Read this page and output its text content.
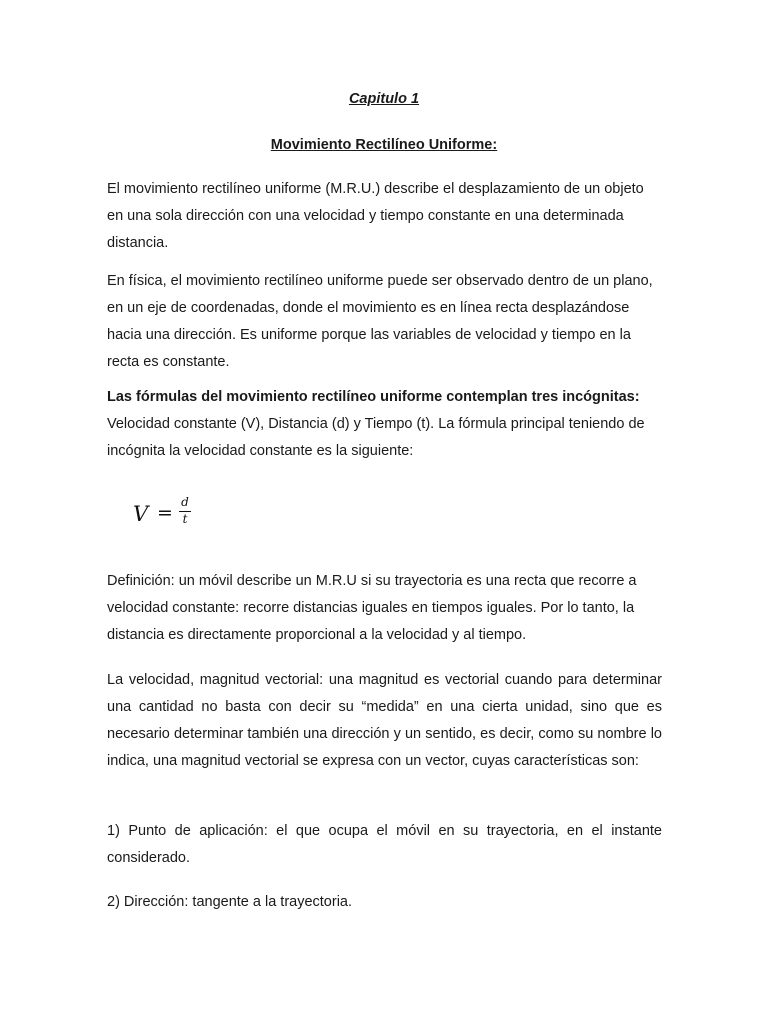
Capitulo 1
Movimiento Rectilíneo Uniforme:

El movimiento rectilíneo uniforme (M.R.U.) describe el desplazamiento de un objeto en una sola dirección con una velocidad y tiempo constante en una determinada distancia.

En física, el movimiento rectilíneo uniforme puede ser observado dentro de un plano, en un eje de coordenadas, donde el movimiento es en línea recta desplazándose hacia una dirección. Es uniforme porque las variables de velocidad y tiempo en la recta es constante.

Las fórmulas del movimiento rectilíneo uniforme contemplan tres incógnitas: Velocidad constante (V), Distancia (d) y Tiempo (t). La fórmula principal teniendo de incógnita la velocidad constante es la siguiente:

V = d
t

Definición: un móvil describe un M.R.U si su trayectoria es una recta que recorre a velocidad constante: recorre distancias iguales en tiempos iguales. Por lo tanto, la distancia es directamente proporcional a la velocidad y al tiempo.

La velocidad, magnitud vectorial: una magnitud es vectorial cuando para determinar una cantidad no basta con decir su “medida” en una cierta unidad, sino que es necesario determinar también una dirección y un sentido, es decir, como su nombre lo indica, una magnitud vectorial se expresa con un vector, cuyas características son:

1) Punto de aplicación: el que ocupa el móvil en su trayectoria, en el instante considerado.

2) Dirección: tangente a la trayectoria.
